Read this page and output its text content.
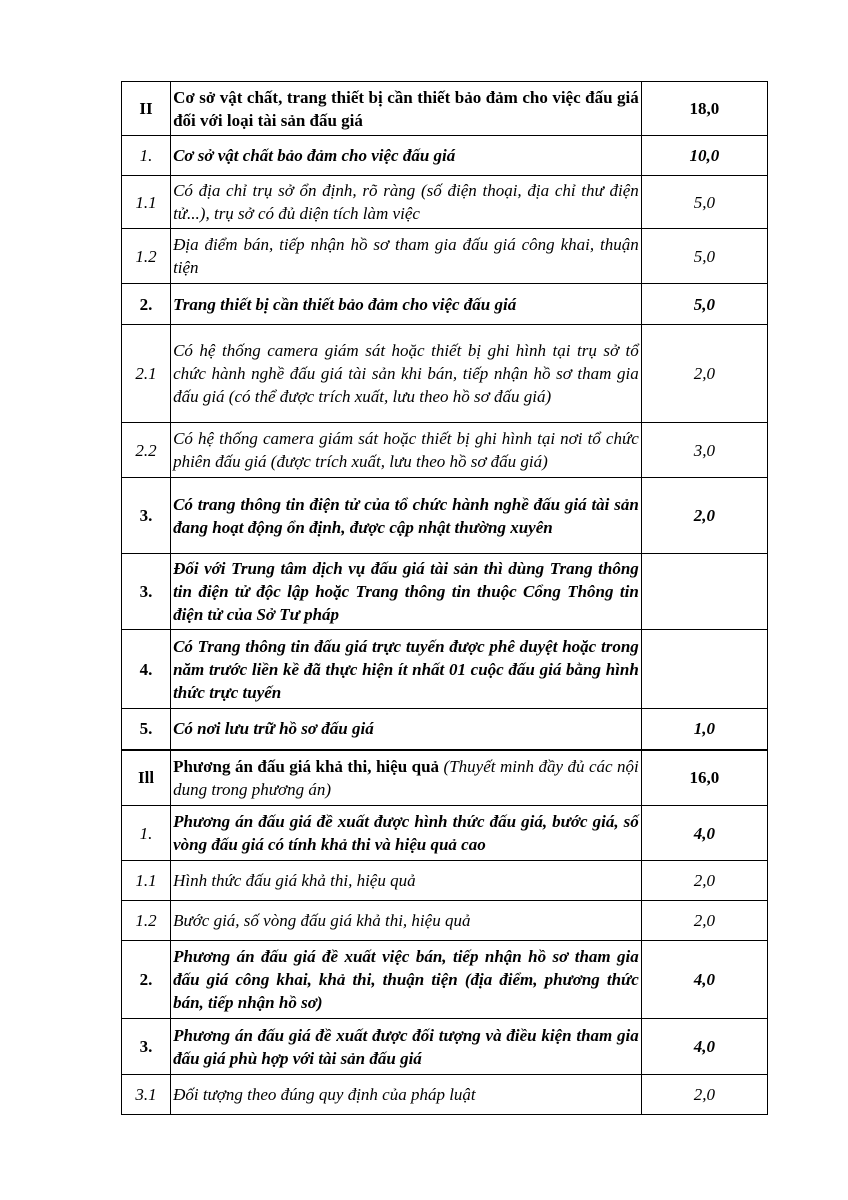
II	Cơ sở vật chất, trang thiết bị cần thiết bảo đảm cho việc đấu giá đối với loại tài sản đấu giá	18,0
1.	Cơ sở vật chất bảo đảm cho việc đấu giá	10,0
1.1	Có địa chỉ trụ sở ổn định, rõ ràng (số điện thoại, địa chỉ thư điện tử...), trụ sở có đủ diện tích làm việc	5,0
1.2	Địa điểm bán, tiếp nhận hồ sơ tham gia đấu giá công khai, thuận tiện	5,0
2.	Trang thiết bị cần thiết bảo đảm cho việc đấu giá	5,0
2.1	Có hệ thống camera giám sát hoặc thiết bị ghi hình tại trụ sở tổ chức hành nghề đấu giá tài sản khi bán, tiếp nhận hồ sơ tham gia đấu giá (có thể được trích xuất, lưu theo hồ sơ đấu giá)	2,0
2.2	Có hệ thống camera giám sát hoặc thiết bị ghi hình tại nơi tổ chức phiên đấu giá (được trích xuất, lưu theo hồ sơ đấu giá)	3,0
3.	Có trang thông tin điện tử của tổ chức hành nghề đấu giá tài sản đang hoạt động ổn định, được cập nhật thường xuyên	2,0
3.	Đối với Trung tâm dịch vụ đấu giá tài sản thì dùng Trang thông tin điện tử độc lập hoặc Trang thông tin thuộc Cổng Thông tin điện tử của Sở Tư pháp	

4.	Có Trang thông tin đấu giá trực tuyến được phê duyệt hoặc trong năm trước liền kề đã thực hiện ít nhất 01 cuộc đấu giá bằng hình thức trực tuyến	

5.	Có nơi lưu trữ hồ sơ đấu giá	1,0
Ill	Phương án đấu giá khả thi, hiệu quả (Thuyết minh đầy đủ các nội dung trong phương án)	16,0
1.	Phương án đấu giá đề xuất được hình thức đấu giá, bước giá, số vòng đấu giá có tính khả thi và hiệu quả cao	4,0
1.1	Hình thức đấu giá khả thi, hiệu quả	2,0
1.2	Bước giá, số vòng đấu giá khả thi, hiệu quả	2,0
2.	Phương án đấu giá đề xuất việc bán, tiếp nhận hồ sơ tham gia đấu giá công khai, khả thi, thuận tiện (địa điểm, phương thức bán, tiếp nhận hồ sơ)	4,0
3.	Phương án đấu giá đề xuất được đối tượng và điều kiện tham gia đấu giá phù hợp với tài sản đấu giá	4,0
3.1	Đối tượng theo đúng quy định của pháp luật	2,0
